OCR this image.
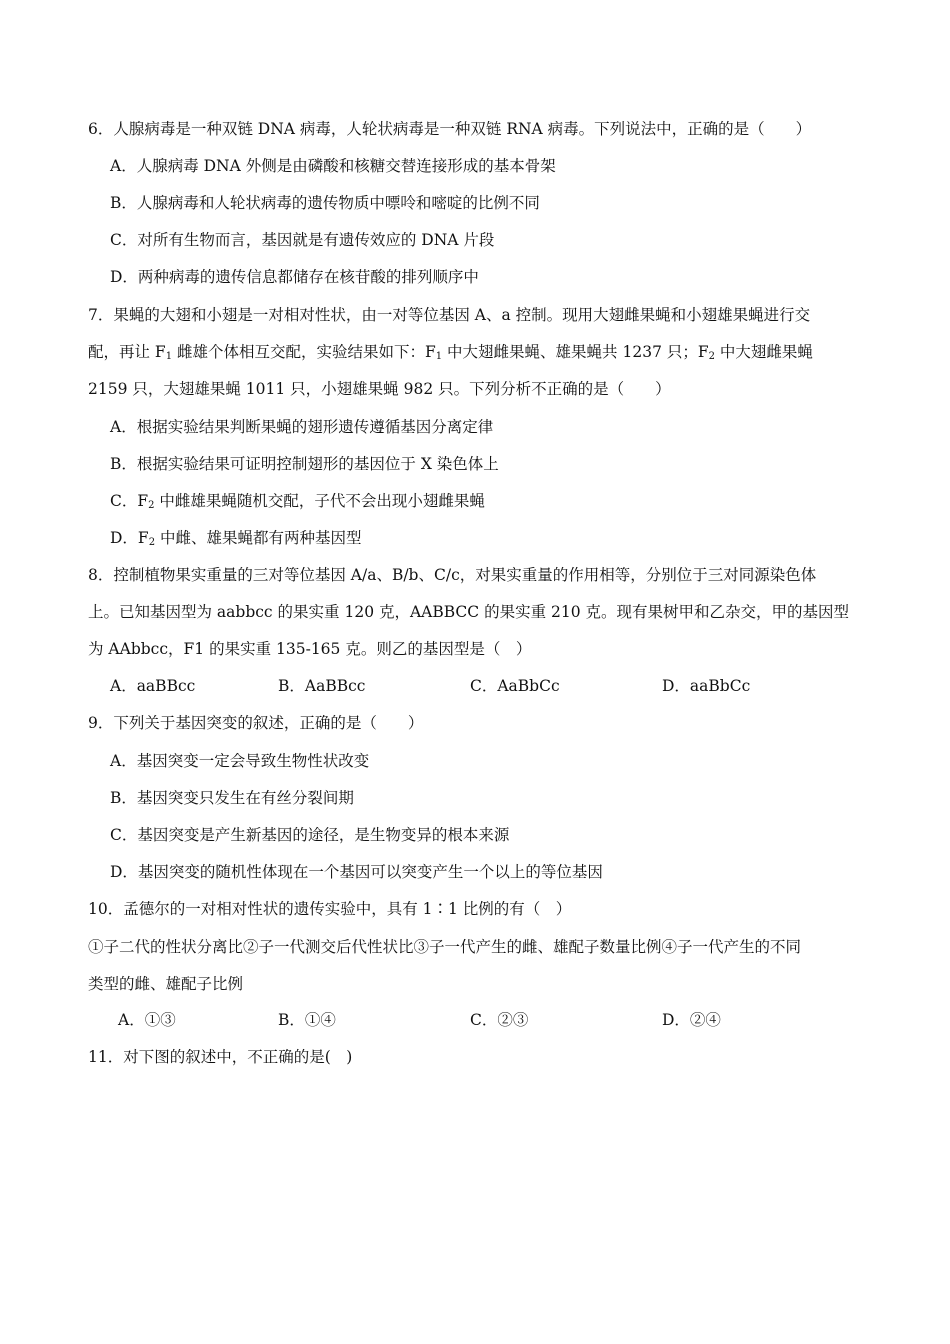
6．人腺病毒是一种双链 DNA 病毒，人轮状病毒是一种双链 RNA 病毒。下列说法中，正确的是（　　）
A．人腺病毒 DNA 外侧是由磷酸和核糖交替连接形成的基本骨架
B．人腺病毒和人轮状病毒的遗传物质中嘌呤和嘧啶的比例不同
C．对所有生物而言，基因就是有遗传效应的 DNA 片段
D．两种病毒的遗传信息都储存在核苷酸的排列顺序中
7．果蝇的大翅和小翅是一对相对性状，由一对等位基因 A、a 控制。现用大翅雌果蝇和小翅雄果蝇进行交
配，再让 $F_1$ 雌雄个体相互交配，实验结果如下：$F_1$ 中大翅雌果蝇、雄果蝇共 1237 只；$F_2$ 中大翅雌果蝇
2159 只，大翅雄果蝇 1011 只，小翅雄果蝇 982 只。下列分析不正确的是（　　）
A．根据实验结果判断果蝇的翅形遗传遵循基因分离定律
B．根据实验结果可证明控制翅形的基因位于 X 染色体上
C．$F_2$ 中雌雄果蝇随机交配，子代不会出现小翅雌果蝇
D．$F_2$ 中雌、雄果蝇都有两种基因型
8．控制植物果实重量的三对等位基因 A/a、B/b、C/c，对果实重量的作用相等，分别位于三对同源染色体
上。已知基因型为 aabbcc 的果实重 120 克，AABBCC 的果实重 210 克。现有果树甲和乙杂交，甲的基因型
为 AAbbcc，F1 的果实重 135-165 克。则乙的基因型是（　）
A．aaBBcc	B．AaBBcc	C．AaBbCc	D．aaBbCc
9．下列关于基因突变的叙述，正确的是（　　）
A．基因突变一定会导致生物性状改变
B．基因突变只发生在有丝分裂间期
C．基因突变是产生新基因的途径，是生物变异的根本来源
D．基因突变的随机性体现在一个基因可以突变产生一个以上的等位基因
10．孟德尔的一对相对性状的遗传实验中，具有 1∶1 比例的有（　）
①子二代的性状分离比②子一代测交后代性状比③子一代产生的雌、雄配子数量比例④子一代产生的不同
类型的雌、雄配子比例
A．①③	B．①④	C．②③	D．②④
11．对下图的叙述中，不正确的是(　)
